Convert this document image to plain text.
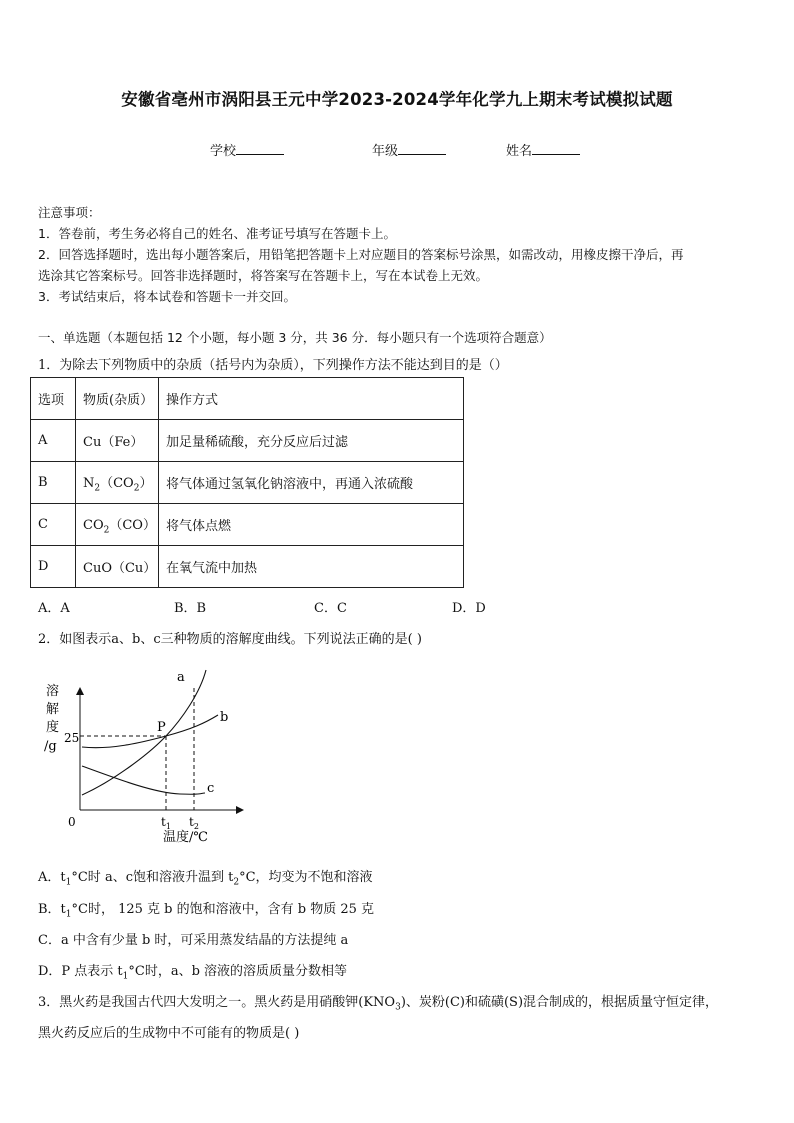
安徽省亳州市涡阳县王元中学2023-2024学年化学九上期末考试模拟试题
学校	年级	姓名
注意事项：
1．答卷前，考生务必将自己的姓名、准考证号填写在答题卡上。
2．回答选择题时，选出每小题答案后，用铅笔把答题卡上对应题目的答案标号涂黑，如需改动，用橡皮擦干净后，再
选涂其它答案标号。回答非选择题时，将答案写在答题卡上，写在本试卷上无效。
3．考试结束后，将本试卷和答题卡一并交回。
一、单选题（本题包括 12 个小题，每小题 3 分，共 36 分．每小题只有一个选项符合题意）
1．为除去下列物质中的杂质（括号内为杂质），下列操作方法不能达到目的是（）
选项	物质(杂质）	操作方式
A	Cu（Fe）	加足量稀硫酸，充分反应后过滤
B	$N_2(CO_2)$	将气体通过氢氧化钠溶液中，再通入浓硫酸
C	$CO_2(CO)$	将气体点燃
D	CuO（Cu）	在氧气流中加热
A．A	B．B	C．C	D．D
2．如图表示a、b、c三种物质的溶解度曲线。下列说法正确的是( )
溶
解
度
/g
25
0
a
b
c
P
$t_1$ $t_2$
温度/℃
A．$t_1^\circ C$时 a、c饱和溶液升温到 $t_2^\circ C$，均变为不饱和溶液
B．$t_1^\circ C$时， 125 克 b 的饱和溶液中，含有 b 物质 25 克
C．a 中含有少量 b 时，可采用蒸发结晶的方法提纯 a
D．P 点表示 $t_1^\circ C$时，a、b 溶液的溶质质量分数相等
3．黑火药是我国古代四大发明之一。黑火药是用硝酸钾$(KNO_3)$、炭粉(C)和硫磺(S)混合制成的，根据质量守恒定律，
黑火药反应后的生成物中不可能有的物质是( )
